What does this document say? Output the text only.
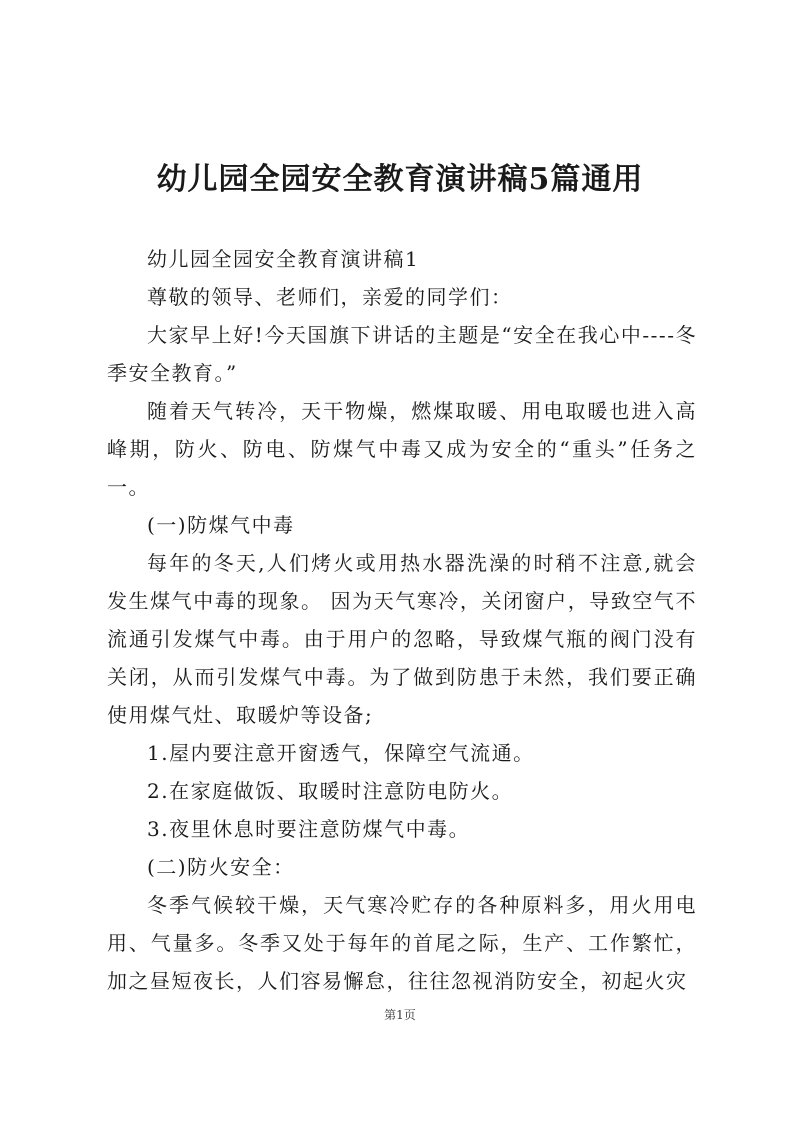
幼儿园全园安全教育演讲稿5篇通用

幼儿园全园安全教育演讲稿1

尊敬的领导、老师们，亲爱的同学们：

大家早上好!今天国旗下讲话的主题是“安全在我心中----冬季安全教育。”

随着天气转冷，天干物燥，燃煤取暖、用电取暖也进入高峰期，防火、防电、防煤气中毒又成为安全的“重头”任务之一。

(一)防煤气中毒

每年的冬天,人们烤火或用热水器洗澡的时稍不注意,就会发生煤气中毒的现象。 因为天气寒冷，关闭窗户，导致空气不流通引发煤气中毒。由于用户的忽略，导致煤气瓶的阀门没有关闭，从而引发煤气中毒。为了做到防患于未然，我们要正确使用煤气灶、取暖炉等设备;

1.屋内要注意开窗透气，保障空气流通。

2.在家庭做饭、取暖时注意防电防火。

3.夜里休息时要注意防煤气中毒。

(二)防火安全：

冬季气候较干燥，天气寒冷贮存的各种原料多，用火用电用、气量多。冬季又处于每年的首尾之际，生产、工作繁忙，加之昼短夜长，人们容易懈怠，往往忽视消防安全，初起火灾

第1页
